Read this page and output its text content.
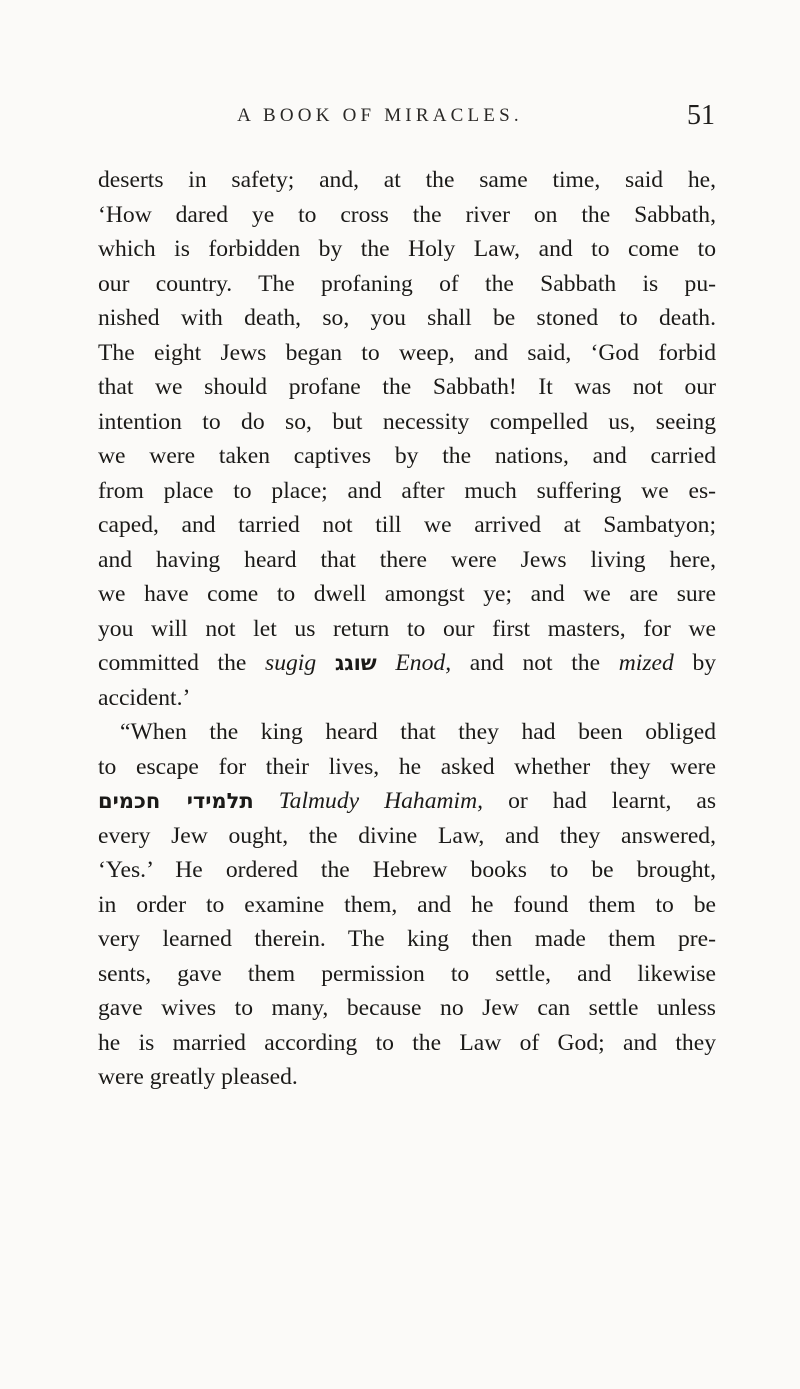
A BOOK OF MIRACLES.	51
deserts in safety; and, at the same time, said he,
‘How dared ye to cross the river on the Sabbath,
which is forbidden by the Holy Law, and to come to
our country. The profaning of the Sabbath is pu-
nished with death, so, you shall be stoned to death.
The eight Jews began to weep, and said, ‘God forbid
that we should profane the Sabbath! It was not our
intention to do so, but necessity compelled us, seeing
we were taken captives by the nations, and carried
from place to place; and after much suffering we es-
caped, and tarried not till we arrived at Sambatyon;
and having heard that there were Jews living here,
we have come to dwell amongst ye; and we are sure
you will not let us return to our first masters, for we
committed the sugig שוגג Enod, and not the mized by
accident.’
“When the king heard that they had been obliged
to escape for their lives, he asked whether they were
תלמידי חכמים Talmudy Hahamim, or had learnt, as
every Jew ought, the divine Law, and they answered,
‘Yes.’ He ordered the Hebrew books to be brought,
in order to examine them, and he found them to be
very learned therein. The king then made them pre-
sents, gave them permission to settle, and likewise
gave wives to many, because no Jew can settle unless
he is married according to the Law of God; and they
were greatly pleased.
